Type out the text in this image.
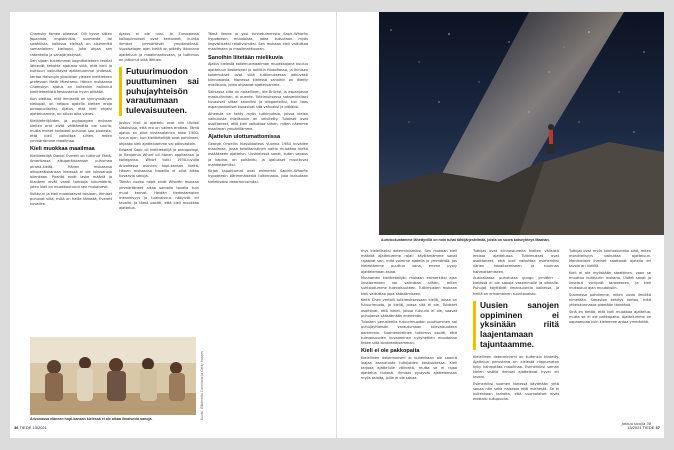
Chomsky famee olleassa. Olli kysse sitten japanista, englannista, suomesta tai swahilista, kaikissa kielissä on sisimmiltä samanlainen kielioppi, joka ohjaa sen rakenteita ja sanajärjestystä.

Sen sijaan tuoreimmat kognitiotieteen teoriat lähtevät kehotta ajatusta siitä, että kieli ja kulttuuri vaikuttavat ajatteluumme yhdessä, kertoo Helsingin yliopiston yleisen kielitieteen professori Matti Miestamo. Hänen mukaansa Chomskyn ajatus on kuitenkin hallinnut kielitieteellistä keskustelua hyvin pitkään.

Kun olettaa, että ihmisellä on synnynnäinen kielioppi, on helppo ajatella kielten eroja pintapuoliseksi. Ajatus, että kieli ohjaisi ajatteluamme, on silloin aika vieras.

Kielitieteilijöiden ja psykologien mukaan kielten erot eivät välttämättä ole suuria, mutta monet todisteet puhuvat sen puolesta, että kieli vaikuttaa siihen, miten ymmärrämme maailmaa.

Kieli muokkaa maailmaa

Kielitieteilijä Daniel Everett on tutkinut Etelä-Amerikassa alkuperäiskansan puhumaa pirahã-kieltä. Hänen mukaansa alkuperäiskansan kielessä ei ole lukusanoja ollenkaan. Pirahãt eivät laske määriä ja tilanteet eivät vaadi tarkkoja lukumääriä, joten kieli on muokkautunut sen mukaisesti.

Kulttuuri ja kieli muokkaavat toisiaan. Ihmiset puhuvat siitä, mikä on heille tärkeää, Everett kuvailee.

Ajatus ei ole uusi. Jo Euroopassa kalliopiirrokset ovat kertoneet, kuinka ihmiset ymmärtävät ympäristönsä. Vuosisatojen ajan kieltä on pidetty ikkunana ajatteluun ja maailmankuvaan, ja tutkimus on jatkunut siitä lähtien.

Futuurimuodon puuttuminen sai puhujayhteisön varautumaan tulevaisuuteen.

Joskus kieli ja ajattelu ovat niin tiiviisti sidoksissa, että ero on vaikea erottaa. Tämä ajatus on ollut kiistanalainen koko 1900-luvun ajan, kun kielitieteilijät ovat pohtineet, ohjaako kieli ajatteluamme vai päinvastoin.

Edward Sapir oli kielitieteilijä ja antropologi, ja Benjamin Whorf oli hänen oppilaansa ja kollegansa. Whorf tutki 1930-luvulla Arizonassa asuvien hopi-kansan kieltä. Hänen mukaansa hopeilla ei ollut aikaa kuvaavia sanoja.

Tämän vuoksi hopit eivät Whorfin mukaan ymmärtäneet aikaa samalla tavalla kuin muut kansat. Heidän tiedostamaton menneisyys ja tulevaisuus näkyivät eri tavalla, ja tämä osoitti, että kieli muokkaa ajattelua.

Tämä lienee ja yksi tunnetuimmista Sapir–Whorfin hypoteesin muodoista, jotka kutsutaan myös lingvistiseksi relativismiksi. Sen mukaan kieli vaikuttaa maailmaan ja maailmankuvaan.

Sanoihin liitetään mielikuvia

Ajatus kielestä kokemusmaailman muokkaajana kuuluu ajatteluun keskeisesti jo antiikin filosofiassa, ja ihmisen kokemukset ovat siitä tutkimuksessa jatkuvasti kiinnostavia. Monessa kielessä sanoihin on liitetty mielikuvia, jotka ohjaavat ajatteluamme.

Saksassa silta on naisellinen, die Brücke, ja espanjassa maskuliininen, el puente. Tutkimuksessa saksankieliset kuvasivat siltaa kauniiksi ja eleganteiksi, kun taas espanjankieliset kuvasivat sitä vahvaksi ja pitkäksi.

Aiheesta on tehty myös tutkimuksia, joissa kielen vaikutusta mielikuviin on selvitetty. Tulokset ovat osoittaneet, että kieli vaikuttaa siihen, miten näemme maailman ympärillämme.

Ajattelun ulottumattomissa

George Orwellin klassikkoteos Vuonna 1984 kuvailee maailmaa, jossa totalitaristinen valtio muokkaa kieltä estääkseen ajattelun. Uuskielessä sanat, kuten vapaus ja kapina, on poistettu, ja ajatukset muuttuvat mahdottomiksi.

Kirjan tapahtumat ovat esimerkki Sapirin–Whorfin hypoteesin äärimmäisestä tulkinnasta, jota kutsutaan kielelliseksi determinismiksi.

Arizonassa eläneen hopi-kansan kielessä ei ole aikaa ilmaisevia sanoja.	Kuvat: Wikimedia Commons ja Getty Images
36 TIEDE 13/2021
Aurinkokuntamme lähettyvillä on noin tuhat tähtijärjestelmää, joista on suora katseyhteys Maahan.

mys kielelliseksi determinismiksi. Sen mukaan kieli määrää ajattelumme rajat: käyttämämme sanat rajaavat sen, mitä voimme ajatella ja ymmärtää. Jos kielestämme puuttuu sana, emme pysty ajattelemaan asiaa.

Muutaman kielitieteilijän mukaan esimerkiksi ajan ilmaiseminen voi vaikuttaa siihen, miten suhtaudumme tulevaisuuteen. Tutkimusten mukaan kieli vaikuttaa jopa säästämiseen.

Keith Chen vertaili tutkimuksessaan kieliä, joissa on futuurimuoto, ja kieliä, joissa sitä ei ole. Tulokset osoittivat, että kielet, joissa futuuria ei ole, saavat puhujansa säästämään enemmän.

Tulosten perusteella futuurimuodon puuttuminen sai puhujayhteisön varautumaan tulevaisuuteen paremmin. Suomenkielinen tutkimus osoitti, että tulevaisuuden kuvaaminen nykyhetken muodoissa tekee siitä konkreettisemman.

Kieli ei ole pakkopaita

Kielellinen determinismi ei kuitenkaan ole saanut laajaa kannatusta tutkijoiden keskuudessa. Kieli tarjoaa ajattelulle välineitä, mutta se ei rajaa ajattelua tiukasti. Ihmiset pystyvät ajattelemaan myös asioita, joille ei ole sanaa.

Tutkijat ovat kiinnostuneita kielten välisistä eroista ajattelussa. Tutkimukset ovat osoittaneet, että kieli vaikuttaa esimerkiksi värien havaitsemiseen ja suunnan hahmottamiseen.

Australiassa puhutussa guugu yimithirr -kielessä ei ole sanoja vasemmalle ja oikealle. Puhujat käyttävät ilmansuuntia kaikessa, ja heillä on erinomainen suuntavaisto.

Uusien sanojen oppiminen ei yksinään riitä laajentamaan tajuntaamme.

Kielellinen determinismi on kuitenkin kiistetty. Ajattelun perustana on kielestä riippumaton kyky hahmottaa maailmaa. Esimerkiksi saman kielen sisällä ihmiset ajattelevat hyvin eri tavoin.

Esimerkiksi suomen kielessä käytetään yhtä sanaa hän sekä naisesta että miehestä. Se ei kuitenkaan tarkoita, että suomalaiset eivät erottaisi sukupuolia.

Tutkijat ovat myös kiinnostuneita siitä, miten monikielisyys vaikuttaa ajatteluun. Monikieliset ihmiset saattavat ajatella eri tavoin eri kielillä.

Kieli ei ole myöskään staattinen, vaan se muuttuu kulttuurin mukana. Uudet sanat ja ilmaisut syntyvät tarpeeseen, ja kieli mukautuu ajan muutoksiin.

Suomessa pohdimme, miten uusia ilmiöitä nimetään. Sanaston kehitys kertoo, mitä yhteiskunnassa pidetään tärkeänä.

Sinä en tietää, että kieli muokkaa ajattelua, mutta se ei ole pakkopaita. Ajattelumme on vapaampaa kuin kielemme antaa ymmärtää.

Jatkuu sivulla 38
13/2021 TIEDE 37
